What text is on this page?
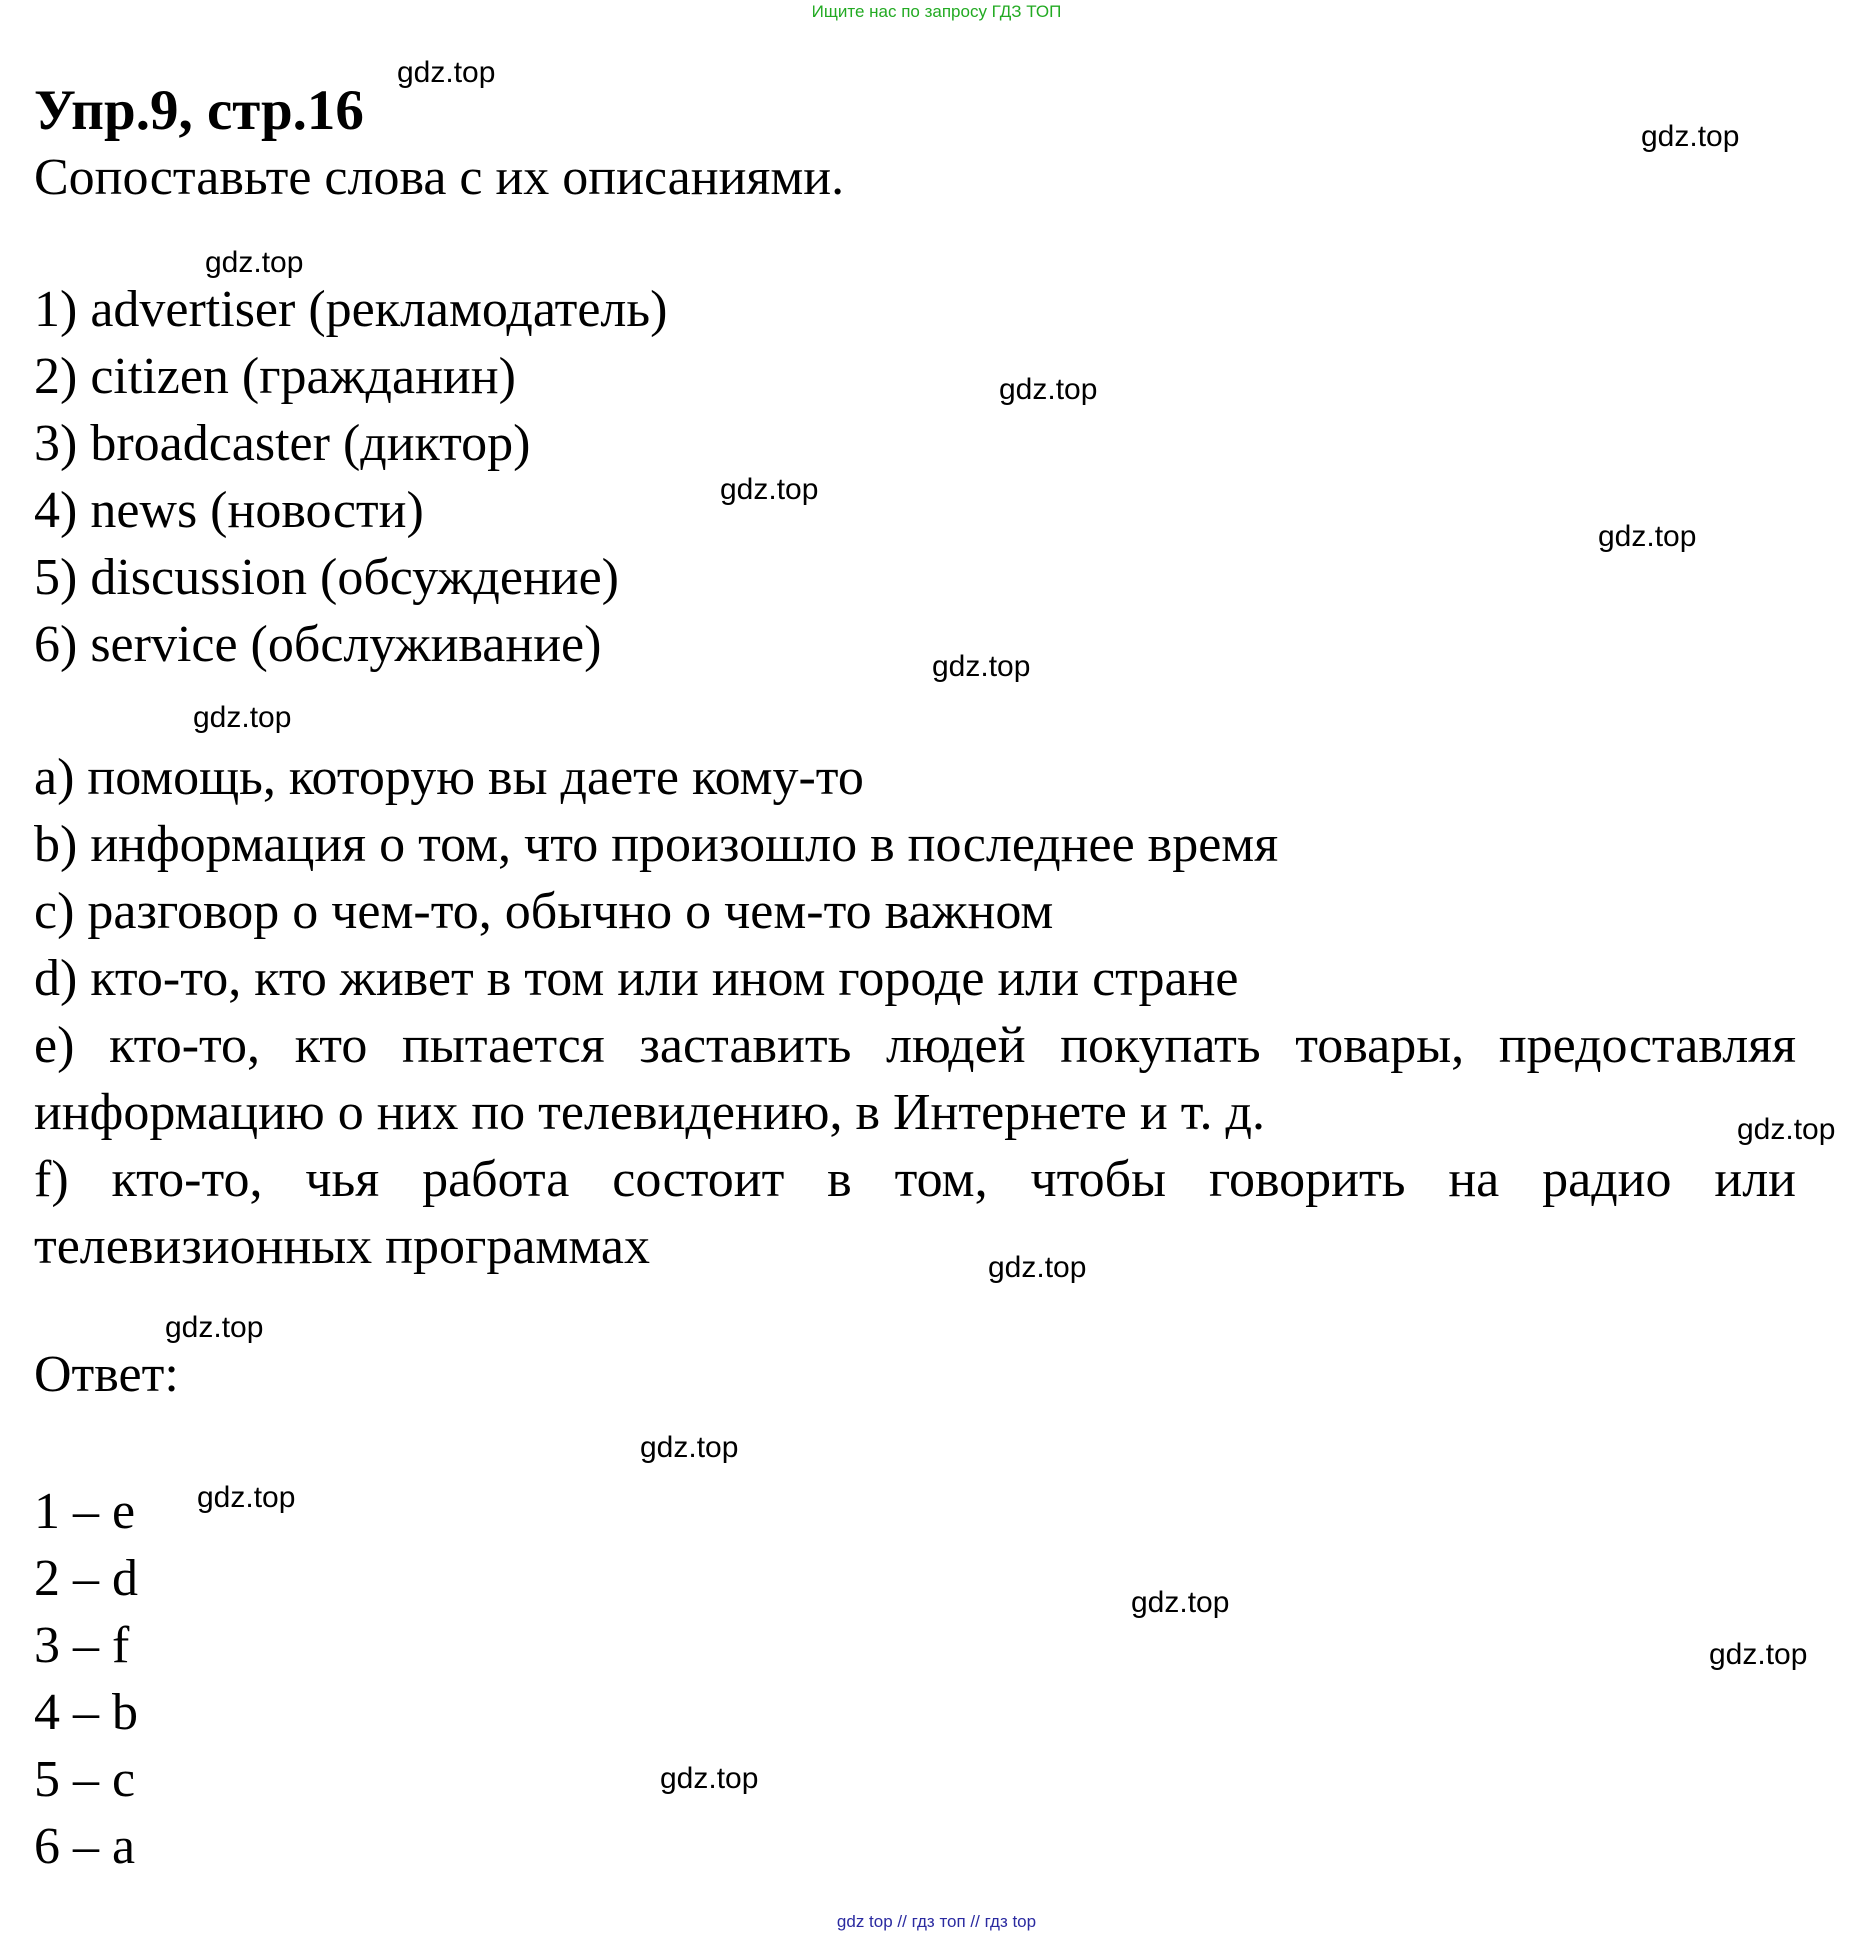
Ищите нас по запросу ГДЗ ТОП
Упр.9, стр.16

Сопоставьте слова с их описаниями.

1) advertiser (рекламодатель)
2) citizen (гражданин)
3) broadcaster (диктор)
4) news (новости)
5) discussion (обсуждение)
6) service (обслуживание)
a) помощь, которую вы даете кому-то
b) информация о том, что произошло в последнее время
c) разговор о чем-то, обычно о чем-то важном
d) кто-то, кто живет в том или ином городе или стране
e) кто-то, кто пытается заставить людей покупать товары, предоставляя информацию о них по телевидению, в Интернете и т. д.
f) кто-то, чья работа состоит в том, чтобы говорить на радио или телевизионных программах

Ответ:

1 – e
2 – d
3 – f
4 – b
5 – c
6 – a
gdz.top
gdz.top
gdz.top
gdz.top
gdz.top
gdz.top
gdz.top
gdz.top
gdz.top
gdz.top
gdz.top
gdz.top
gdz.top
gdz.top
gdz.top
gdz.top
gdz top // гдз топ // гдз top
